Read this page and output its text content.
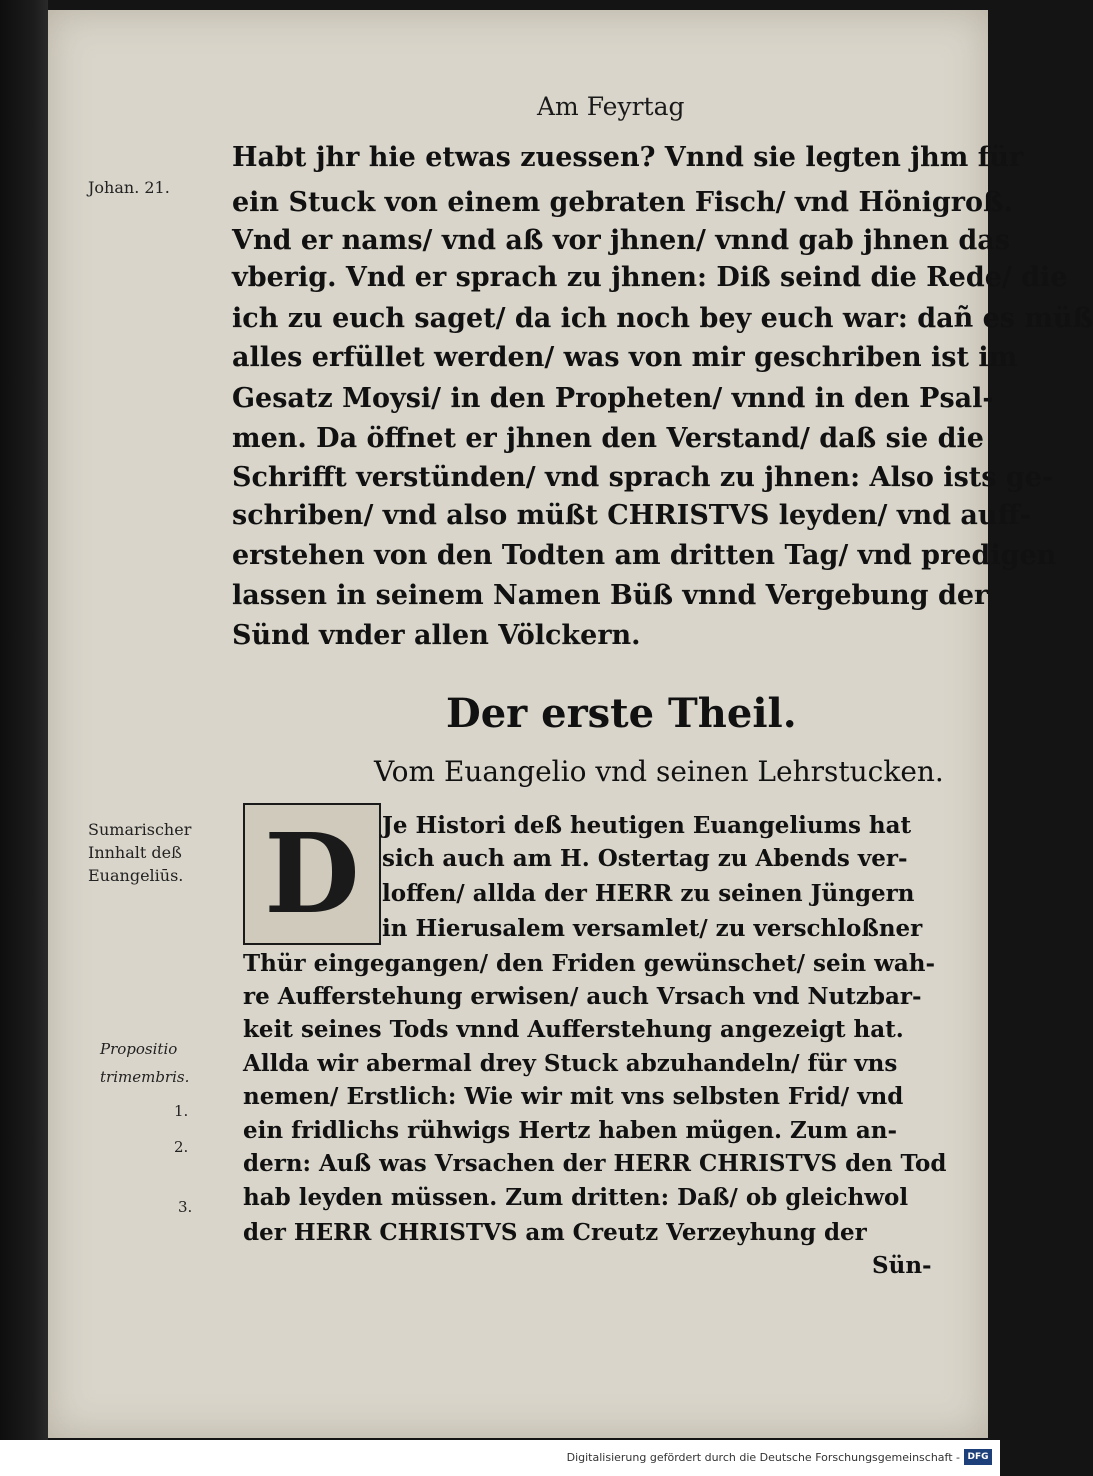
Am Feyrtag
Habt jhr hie etwas zuessen? Vnnd sie legten jhm für
ein Stuck von einem gebraten Fisch/ vnd Hönigroß.
Vnd er nams/ vnd aß vor jhnen/ vnnd gab jhnen das
vberig. Vnd er sprach zu jhnen: Diß seind die Rede/ die
ich zu euch saget/ da ich noch bey euch war: dañ es müß
alles erfüllet werden/ was von mir geschriben ist im
Gesatz Moysi/ in den Propheten/ vnnd in den Psal-
men. Da öffnet er jhnen den Verstand/ daß sie die
Schrifft verstünden/ vnd sprach zu jhnen: Also ists ge-
schriben/ vnd also müßt CHRISTVS leyden/ vnd auff-
erstehen von den Todten am dritten Tag/ vnd predigen
lassen in seinem Namen Büß vnnd Vergebung der
Sünd vnder allen Völckern.
Johan. 21.
Der erste Theil.
Vom Euangelio vnd seinen Lehrstucken.
D Je Histori deß heutigen Euangeliums hat
sich auch am H. Ostertag zu Abends ver-
loffen/ allda der HERR zu seinen Jüngern
in Hierusalem versamlet/ zu verschloßner
Thür eingegangen/ den Friden gewünschet/ sein wah-
re Aufferstehung erwisen/ auch Vrsach vnd Nutzbar-
keit seines Tods vnnd Aufferstehung angezeigt hat.
Allda wir abermal drey Stuck abzuhandeln/ für vns
nemen/ Erstlich: Wie wir mit vns selbsten Frid/ vnd
ein fridlichs rühwigs Hertz haben mügen. Zum an-
dern: Auß was Vrsachen der HERR CHRISTVS den Tod
hab leyden müssen. Zum dritten: Daß/ ob gleichwol
der HERR CHRISTVS am Creutz Verzeyhung der
Sün-
Sumarischer
Innhalt deß
Euangeliūs.
Propositio
trimembris.
1.
2.
3.
Digitalisierung gefördert durch die Deutsche Forschungsgemeinschaft - DFG
